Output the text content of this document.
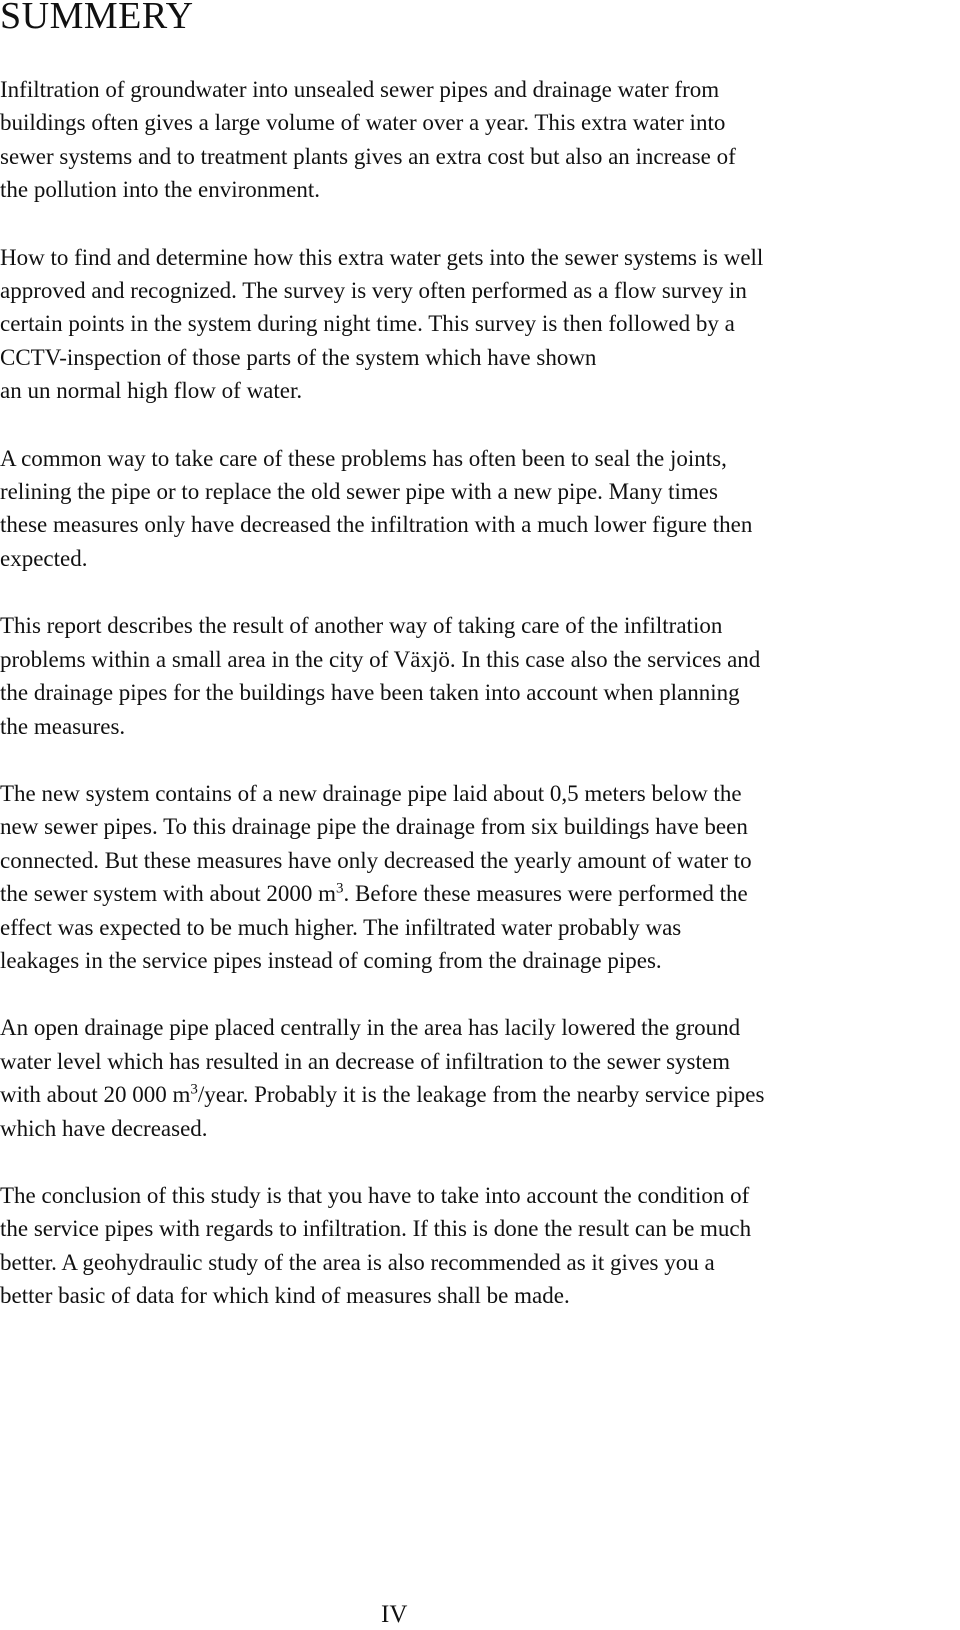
SUMMERY

Infiltration of groundwater into unsealed sewer pipes and drainage water from
buildings often gives a large volume of water over a year. This extra water into
sewer systems and to treatment plants gives an extra cost but also an increase of
the pollution into the environment.

How to find and determine how this extra water gets into the sewer systems is well
approved and recognized. The survey is very often performed as a flow survey in
certain points in the system during night time. This survey is then followed by a
CCTV-inspection of those parts of the system which have shown
an un normal high flow of water.

A common way to take care of these problems has often been to seal the joints,
relining the pipe or to replace the old sewer pipe with a new pipe. Many times
these measures only have decreased the infiltration with a much lower figure then
expected.

This report describes the result of another way of taking care of the infiltration
problems within a small area in the city of Växjö. In this case also the services and
the drainage pipes for the buildings have been taken into account when planning
the measures.

The new system contains of a new drainage pipe laid about 0,5 meters below the
new sewer pipes. To this drainage pipe the drainage from six buildings have been
connected. But these measures have only decreased the yearly amount of water to
the sewer system with about 2000 $m^3$. Before these measures were performed the
effect was expected to be much higher. The infiltrated water probably was
leakages in the service pipes instead of coming from the drainage pipes.

An open drainage pipe placed centrally in the area has lacily lowered the ground
water level which has resulted in an decrease of infiltration to the sewer system
with about 20 000 $m^3$/year. Probably it is the leakage from the nearby service pipes
which have decreased.

The conclusion of this study is that you have to take into account the condition of
the service pipes with regards to infiltration. If this is done the result can be much
better. A geohydraulic study of the area is also recommended as it gives you a
better basic of data for which kind of measures shall be made.

IV
